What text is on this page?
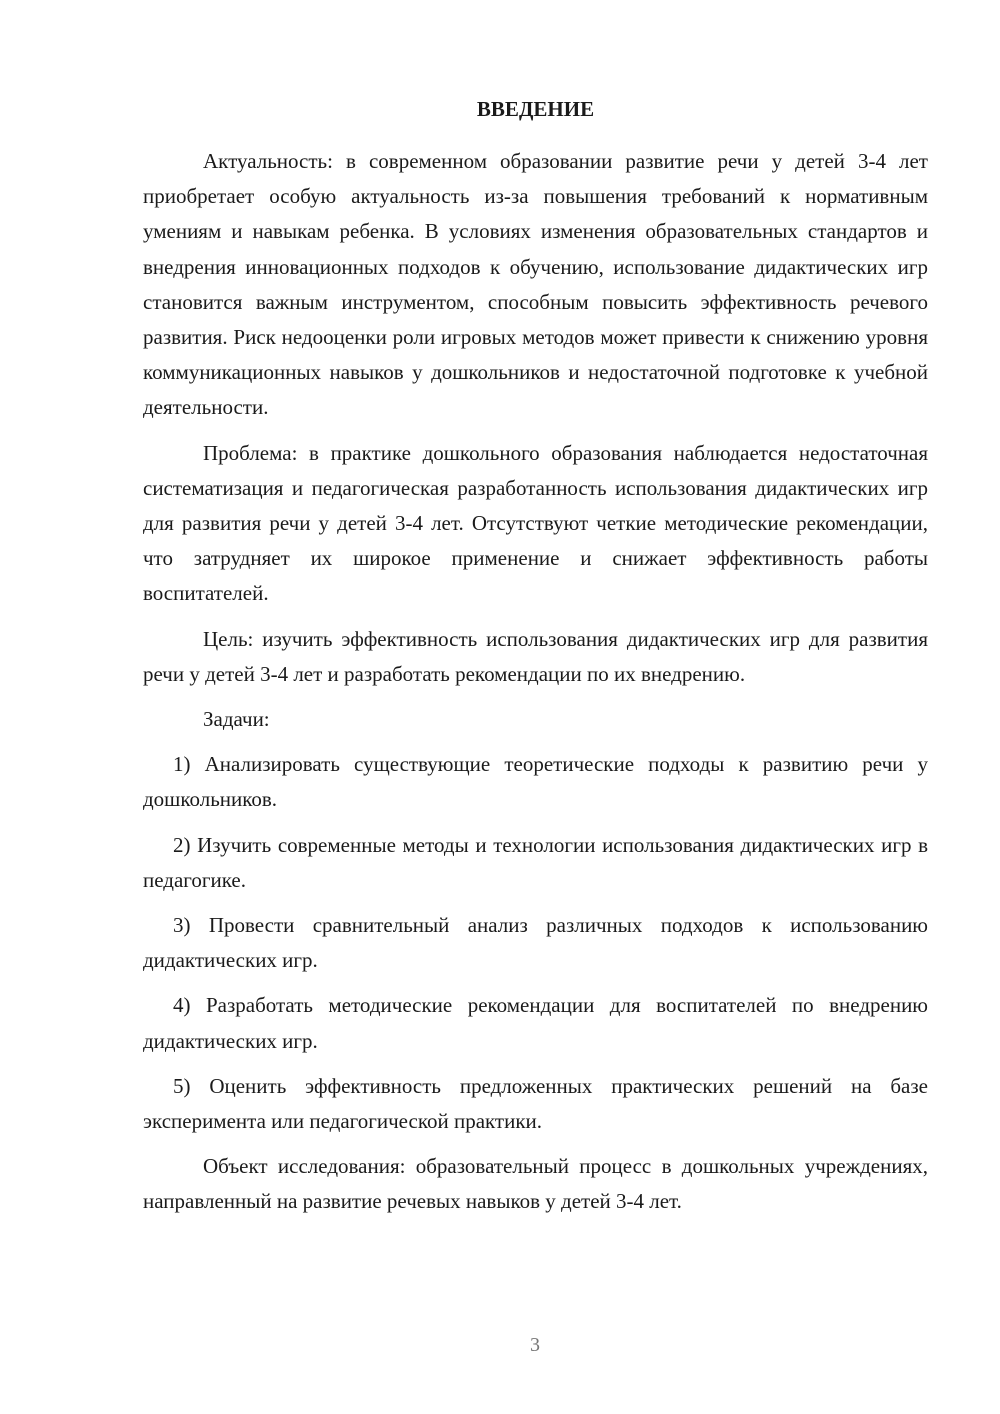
ВВЕДЕНИЕ

Актуальность: в современном образовании развитие речи у детей 3-4 лет приобретает особую актуальность из-за повышения требований к нормативным умениям и навыкам ребенка. В условиях изменения образовательных стандартов и внедрения инновационных подходов к обучению, использование дидактических игр становится важным инструментом, способным повысить эффективность речевого развития. Риск недооценки роли игровых методов может привести к снижению уровня коммуникационных навыков у дошкольников и недостаточной подготовке к учебной деятельности.

Проблема: в практике дошкольного образования наблюдается недостаточная систематизация и педагогическая разработанность использования дидактических игр для развития речи у детей 3-4 лет. Отсутствуют четкие методические рекомендации, что затрудняет их широкое применение и снижает эффективность работы воспитателей.

Цель: изучить эффективность использования дидактических игр для развития речи у детей 3-4 лет и разработать рекомендации по их внедрению.

Задачи:

1) Анализировать существующие теоретические подходы к развитию речи у дошкольников.

2) Изучить современные методы и технологии использования дидактических игр в педагогике.

3) Провести сравнительный анализ различных подходов к использованию дидактических игр.

4) Разработать методические рекомендации для воспитателей по внедрению дидактических игр.

5) Оценить эффективность предложенных практических решений на базе эксперимента или педагогической практики.

Объект исследования: образовательный процесс в дошкольных учреждениях, направленный на развитие речевых навыков у детей 3-4 лет.

3
